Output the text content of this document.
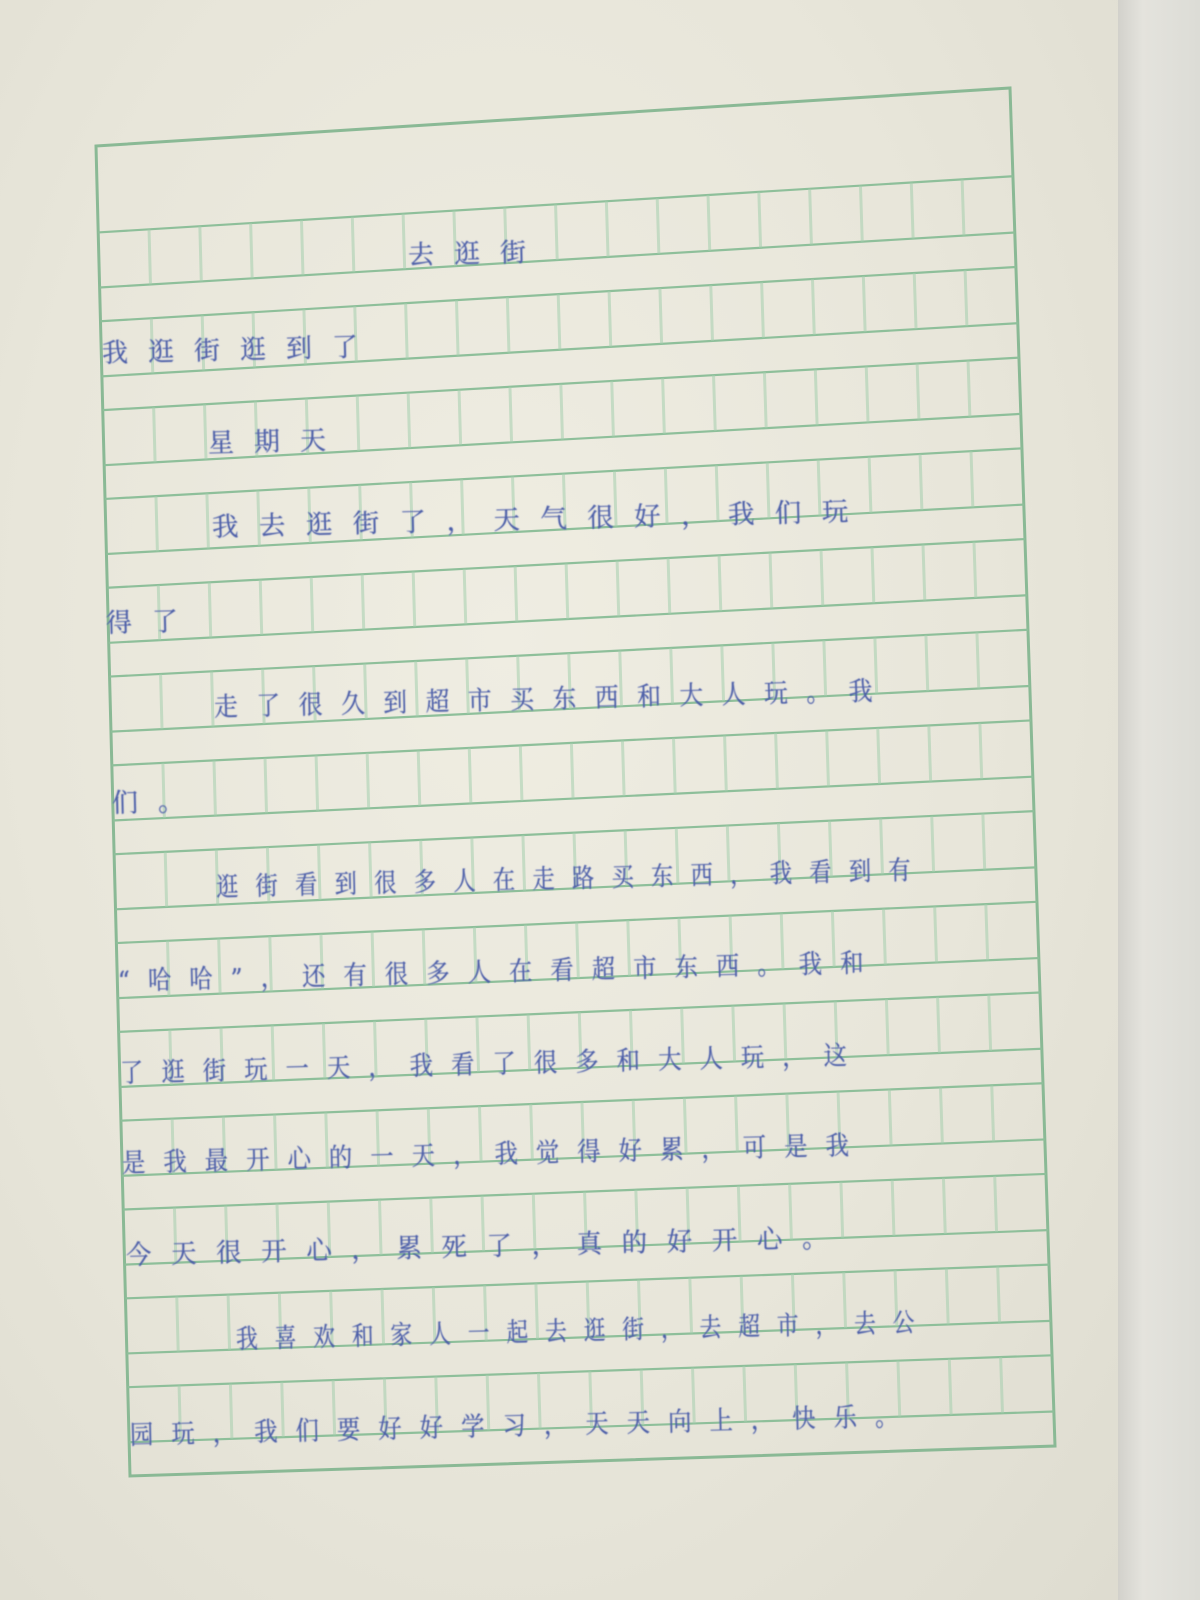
去逛街
我逛街逛到了
星期天
我去逛街了，天气很好，我们玩
得了
走了很久到超市买东西和大人玩。我
们。
逛街看到很多人在走路买东西，我看到有
“哈哈”，还有很多人在看超市东西。我和
了逛街玩一天，我看了很多和大人玩，这
是我最开心的一天，我觉得好累，可是我
今天很开心，累死了，真的好开心。
我喜欢和家人一起去逛街，去超市，去公
园玩，我们要好好学习，天天向上，快乐。
